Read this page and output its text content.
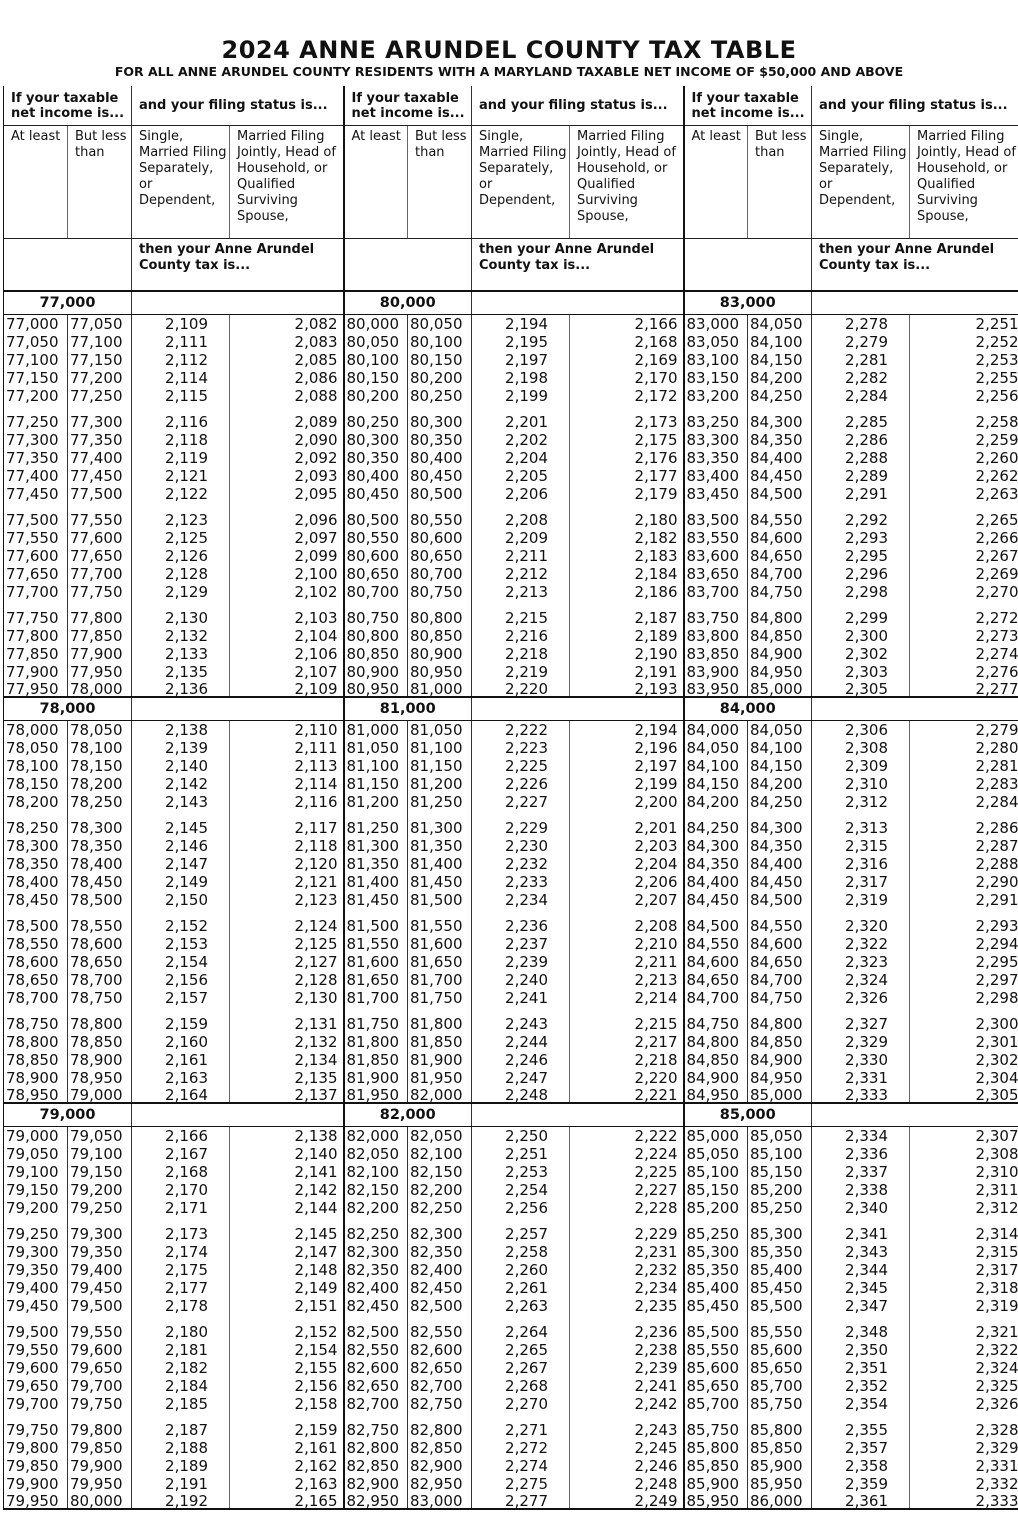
2024 ANNE ARUNDEL COUNTY TAX TABLE
FOR ALL ANNE ARUNDEL COUNTY RESIDENTS WITH A MARYLAND TAXABLE NET INCOME OF $50,000 AND ABOVE
If your taxable net income is...		and your filing status is...		If your taxable net income is...		and your filing status is...		If your taxable net income is...		and your filing status is...	
At least	But less than	Single, Married Filing Separately, or Dependent,	Married Filing Jointly, Head of Household, or Qualified Surviving Spouse,	At least	But less than	Single, Married Filing Separately, or Dependent,	Married Filing Jointly, Head of Household, or Qualified Surviving Spouse,	At least	But less than	Single, Married Filing Separately, or Dependent,	Married Filing Jointly, Head of Household, or Qualified Surviving Spouse,
		then your Anne Arundel County tax is...				then your Anne Arundel County tax is...				then your Anne Arundel County tax is...	
77,000				80,000				83,000			
77,000	77,050	2,109	2,082	80,000	80,050	2,194	2,166	83,000	84,050	2,278	2,251
77,050	77,100	2,111	2,083	80,050	80,100	2,195	2,168	83,050	84,100	2,279	2,252
77,100	77,150	2,112	2,085	80,100	80,150	2,197	2,169	83,100	84,150	2,281	2,253
77,150	77,200	2,114	2,086	80,150	80,200	2,198	2,170	83,150	84,200	2,282	2,255
77,200	77,250	2,115	2,088	80,200	80,250	2,199	2,172	83,200	84,250	2,284	2,256
77,250	77,300	2,116	2,089	80,250	80,300	2,201	2,173	83,250	84,300	2,285	2,258
77,300	77,350	2,118	2,090	80,300	80,350	2,202	2,175	83,300	84,350	2,286	2,259
77,350	77,400	2,119	2,092	80,350	80,400	2,204	2,176	83,350	84,400	2,288	2,260
77,400	77,450	2,121	2,093	80,400	80,450	2,205	2,177	83,400	84,450	2,289	2,262
77,450	77,500	2,122	2,095	80,450	80,500	2,206	2,179	83,450	84,500	2,291	2,263
77,500	77,550	2,123	2,096	80,500	80,550	2,208	2,180	83,500	84,550	2,292	2,265
77,550	77,600	2,125	2,097	80,550	80,600	2,209	2,182	83,550	84,600	2,293	2,266
77,600	77,650	2,126	2,099	80,600	80,650	2,211	2,183	83,600	84,650	2,295	2,267
77,650	77,700	2,128	2,100	80,650	80,700	2,212	2,184	83,650	84,700	2,296	2,269
77,700	77,750	2,129	2,102	80,700	80,750	2,213	2,186	83,700	84,750	2,298	2,270
77,750	77,800	2,130	2,103	80,750	80,800	2,215	2,187	83,750	84,800	2,299	2,272
77,800	77,850	2,132	2,104	80,800	80,850	2,216	2,189	83,800	84,850	2,300	2,273
77,850	77,900	2,133	2,106	80,850	80,900	2,218	2,190	83,850	84,900	2,302	2,274
77,900	77,950	2,135	2,107	80,900	80,950	2,219	2,191	83,900	84,950	2,303	2,276
77,950	78,000	2,136	2,109	80,950	81,000	2,220	2,193	83,950	85,000	2,305	2,277
78,000				81,000				84,000			
78,000	78,050	2,138	2,110	81,000	81,050	2,222	2,194	84,000	84,050	2,306	2,279
78,050	78,100	2,139	2,111	81,050	81,100	2,223	2,196	84,050	84,100	2,308	2,280
78,100	78,150	2,140	2,113	81,100	81,150	2,225	2,197	84,100	84,150	2,309	2,281
78,150	78,200	2,142	2,114	81,150	81,200	2,226	2,199	84,150	84,200	2,310	2,283
78,200	78,250	2,143	2,116	81,200	81,250	2,227	2,200	84,200	84,250	2,312	2,284
78,250	78,300	2,145	2,117	81,250	81,300	2,229	2,201	84,250	84,300	2,313	2,286
78,300	78,350	2,146	2,118	81,300	81,350	2,230	2,203	84,300	84,350	2,315	2,287
78,350	78,400	2,147	2,120	81,350	81,400	2,232	2,204	84,350	84,400	2,316	2,288
78,400	78,450	2,149	2,121	81,400	81,450	2,233	2,206	84,400	84,450	2,317	2,290
78,450	78,500	2,150	2,123	81,450	81,500	2,234	2,207	84,450	84,500	2,319	2,291
78,500	78,550	2,152	2,124	81,500	81,550	2,236	2,208	84,500	84,550	2,320	2,293
78,550	78,600	2,153	2,125	81,550	81,600	2,237	2,210	84,550	84,600	2,322	2,294
78,600	78,650	2,154	2,127	81,600	81,650	2,239	2,211	84,600	84,650	2,323	2,295
78,650	78,700	2,156	2,128	81,650	81,700	2,240	2,213	84,650	84,700	2,324	2,297
78,700	78,750	2,157	2,130	81,700	81,750	2,241	2,214	84,700	84,750	2,326	2,298
78,750	78,800	2,159	2,131	81,750	81,800	2,243	2,215	84,750	84,800	2,327	2,300
78,800	78,850	2,160	2,132	81,800	81,850	2,244	2,217	84,800	84,850	2,329	2,301
78,850	78,900	2,161	2,134	81,850	81,900	2,246	2,218	84,850	84,900	2,330	2,302
78,900	78,950	2,163	2,135	81,900	81,950	2,247	2,220	84,900	84,950	2,331	2,304
78,950	79,000	2,164	2,137	81,950	82,000	2,248	2,221	84,950	85,000	2,333	2,305
79,000				82,000				85,000			
79,000	79,050	2,166	2,138	82,000	82,050	2,250	2,222	85,000	85,050	2,334	2,307
79,050	79,100	2,167	2,140	82,050	82,100	2,251	2,224	85,050	85,100	2,336	2,308
79,100	79,150	2,168	2,141	82,100	82,150	2,253	2,225	85,100	85,150	2,337	2,310
79,150	79,200	2,170	2,142	82,150	82,200	2,254	2,227	85,150	85,200	2,338	2,311
79,200	79,250	2,171	2,144	82,200	82,250	2,256	2,228	85,200	85,250	2,340	2,312
79,250	79,300	2,173	2,145	82,250	82,300	2,257	2,229	85,250	85,300	2,341	2,314
79,300	79,350	2,174	2,147	82,300	82,350	2,258	2,231	85,300	85,350	2,343	2,315
79,350	79,400	2,175	2,148	82,350	82,400	2,260	2,232	85,350	85,400	2,344	2,317
79,400	79,450	2,177	2,149	82,400	82,450	2,261	2,234	85,400	85,450	2,345	2,318
79,450	79,500	2,178	2,151	82,450	82,500	2,263	2,235	85,450	85,500	2,347	2,319
79,500	79,550	2,180	2,152	82,500	82,550	2,264	2,236	85,500	85,550	2,348	2,321
79,550	79,600	2,181	2,154	82,550	82,600	2,265	2,238	85,550	85,600	2,350	2,322
79,600	79,650	2,182	2,155	82,600	82,650	2,267	2,239	85,600	85,650	2,351	2,324
79,650	79,700	2,184	2,156	82,650	82,700	2,268	2,241	85,650	85,700	2,352	2,325
79,700	79,750	2,185	2,158	82,700	82,750	2,270	2,242	85,700	85,750	2,354	2,326
79,750	79,800	2,187	2,159	82,750	82,800	2,271	2,243	85,750	85,800	2,355	2,328
79,800	79,850	2,188	2,161	82,800	82,850	2,272	2,245	85,800	85,850	2,357	2,329
79,850	79,900	2,189	2,162	82,850	82,900	2,274	2,246	85,850	85,900	2,358	2,331
79,900	79,950	2,191	2,163	82,900	82,950	2,275	2,248	85,900	85,950	2,359	2,332
79,950	80,000	2,192	2,165	82,950	83,000	2,277	2,249	85,950	86,000	2,361	2,333
